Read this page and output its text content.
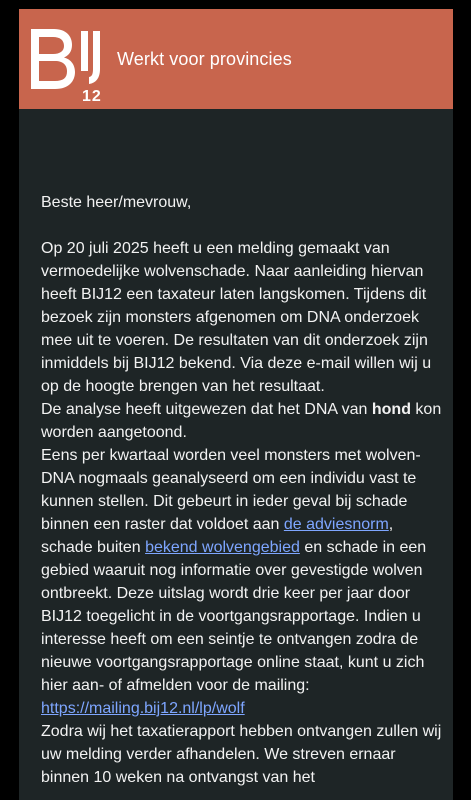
12
Werkt voor provincies

Beste heer/mevrouw,

Op 20 juli 2025 heeft u een melding gemaakt van vermoedelijke wolvenschade. Naar aanleiding hiervan heeft BIJ12 een taxateur laten langskomen. Tijdens dit bezoek zijn monsters afgenomen om DNA onderzoek mee uit te voeren. De resultaten van dit onderzoek zijn inmiddels bij BIJ12 bekend. Via deze e-mail willen wij u op de hoogte brengen van het resultaat.

De analyse heeft uitgewezen dat het DNA van hond kon worden aangetoond.

Eens per kwartaal worden veel monsters met wolven-DNA nogmaals geanalyseerd om een individu vast te kunnen stellen. Dit gebeurt in ieder geval bij schade binnen een raster dat voldoet aan de adviesnorm, schade buiten bekend wolvengebied en schade in een gebied waaruit nog informatie over gevestigde wolven ontbreekt. Deze uitslag wordt drie keer per jaar door BIJ12 toegelicht in de voortgangsrapportage. Indien u interesse heeft om een seintje te ontvangen zodra de nieuwe voortgangsrapportage online staat, kunt u zich hier aan- of afmelden voor de mailing: https://mailing.bij12.nl/lp/wolf

Zodra wij het taxatierapport hebben ontvangen zullen wij uw melding verder afhandelen. We streven ernaar binnen 10 weken na ontvangst van het
